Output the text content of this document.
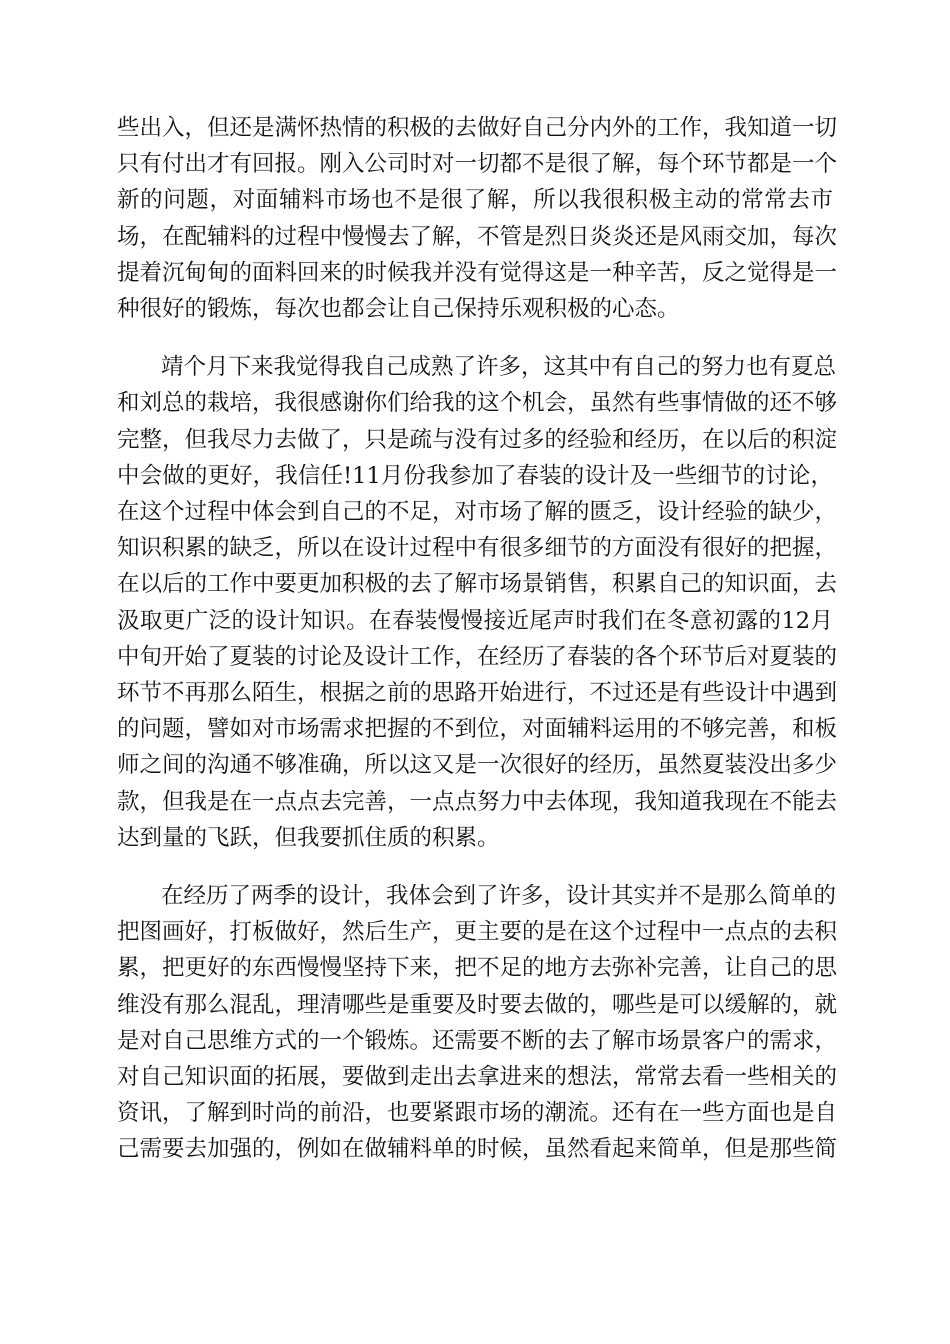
些出入，但还是满怀热情的积极的去做好自己分内外的工作，我知道一切
只有付出才有回报。刚入公司时对一切都不是很了解，每个环节都是一个
新的问题，对面辅料市场也不是很了解，所以我很积极主动的常常去市
场，在配辅料的过程中慢慢去了解，不管是烈日炎炎还是风雨交加，每次
提着沉甸甸的面料回来的时候我并没有觉得这是一种辛苦，反之觉得是一
种很好的锻炼，每次也都会让自己保持乐观积极的心态。
靖个月下来我觉得我自己成熟了许多，这其中有自己的努力也有夏总
和刘总的栽培，我很感谢你们给我的这个机会，虽然有些事情做的还不够
完整，但我尽力去做了，只是疏与没有过多的经验和经历，在以后的积淀
中会做的更好，我信任!11月份我参加了春装的设计及一些细节的讨论，
在这个过程中体会到自己的不足，对市场了解的匮乏，设计经验的缺少，
知识积累的缺乏，所以在设计过程中有很多细节的方面没有很好的把握，
在以后的工作中要更加积极的去了解市场景销售，积累自己的知识面，去
汲取更广泛的设计知识。在春装慢慢接近尾声时我们在冬意初露的12月
中旬开始了夏装的讨论及设计工作，在经历了春装的各个环节后对夏装的
环节不再那么陌生，根据之前的思路开始进行，不过还是有些设计中遇到
的问题，譬如对市场需求把握的不到位，对面辅料运用的不够完善，和板
师之间的沟通不够准确，所以这又是一次很好的经历，虽然夏装没出多少
款，但我是在一点点去完善，一点点努力中去体现，我知道我现在不能去
达到量的飞跃，但我要抓住质的积累。
在经历了两季的设计，我体会到了许多，设计其实并不是那么简单的
把图画好，打板做好，然后生产，更主要的是在这个过程中一点点的去积
累，把更好的东西慢慢坚持下来，把不足的地方去弥补完善，让自己的思
维没有那么混乱，理清哪些是重要及时要去做的，哪些是可以缓解的，就
是对自己思维方式的一个锻炼。还需要不断的去了解市场景客户的需求，
对自己知识面的拓展，要做到走出去拿进来的想法，常常去看一些相关的
资讯，了解到时尚的前沿，也要紧跟市场的潮流。还有在一些方面也是自
己需要去加强的，例如在做辅料单的时候，虽然看起来简单，但是那些简
